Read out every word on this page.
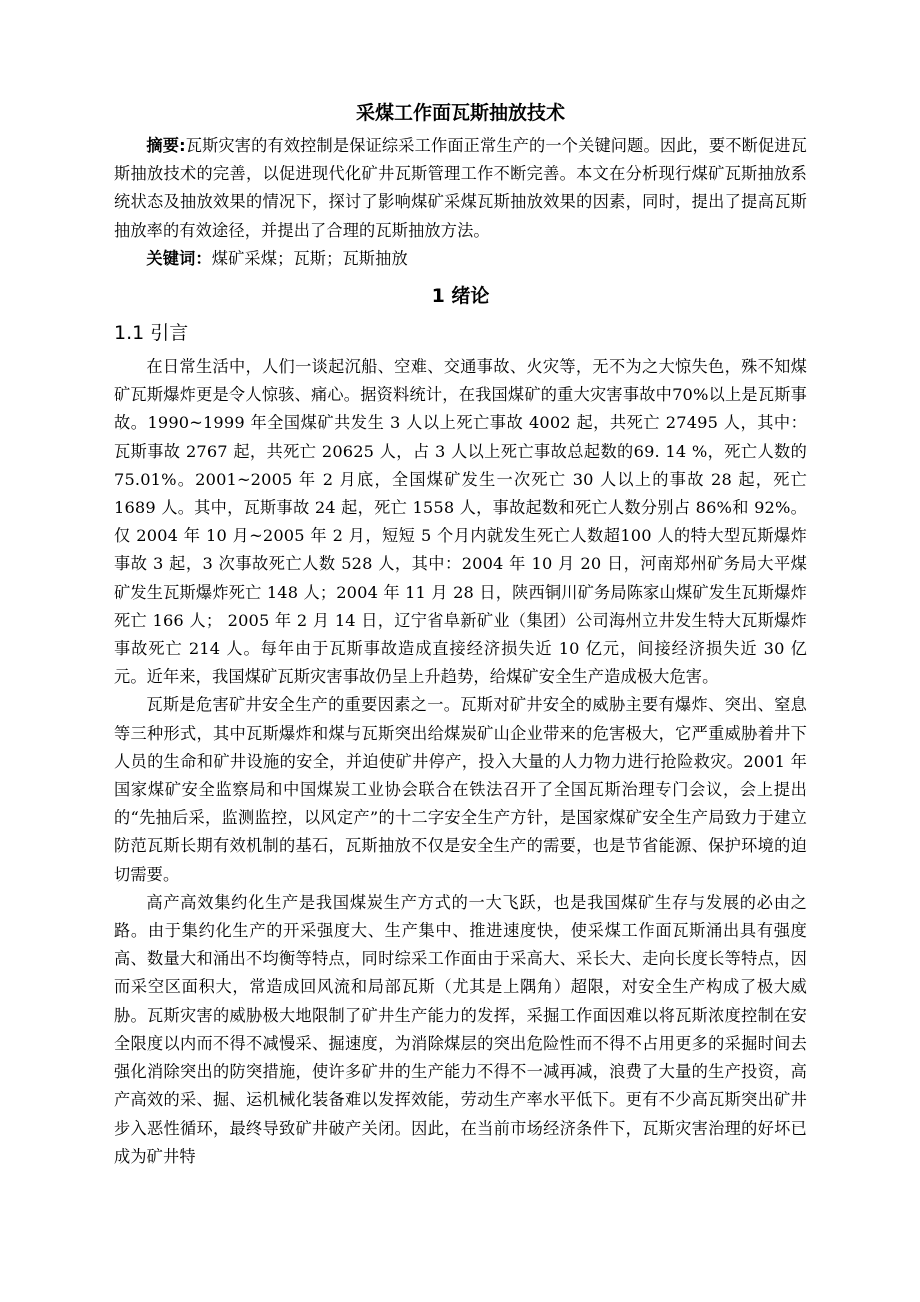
采煤工作面瓦斯抽放技术

摘要:瓦斯灾害的有效控制是保证综采工作面正常生产的一个关键问题。因此，要不断促进瓦斯抽放技术的完善，以促进现代化矿井瓦斯管理工作不断完善。本文在分析现行煤矿瓦斯抽放系统状态及抽放效果的情况下，探讨了影响煤矿采煤瓦斯抽放效果的因素，同时，提出了提高瓦斯抽放率的有效途径，并提出了合理的瓦斯抽放方法。

关键词：煤矿采煤；瓦斯；瓦斯抽放

1 绪论
1.1 引言

在日常生活中，人们一谈起沉船、空难、交通事故、火灾等，无不为之大惊失色，殊不知煤矿瓦斯爆炸更是令人惊骇、痛心。据资料统计，在我国煤矿的重大灾害事故中70%以上是瓦斯事故。1990~1999 年全国煤矿共发生 3 人以上死亡事故 4002 起，共死亡 27495 人，其中：瓦斯事故 2767 起，共死亡 20625 人，占 3 人以上死亡事故总起数的69. 14 %，死亡人数的 75.01%。2001~2005 年 2 月底，全国煤矿发生一次死亡 30 人以上的事故 28 起，死亡 1689 人。其中，瓦斯事故 24 起，死亡 1558 人，事故起数和死亡人数分别占 86%和 92%。仅 2004 年 10 月~2005 年 2 月，短短 5 个月内就发生死亡人数超100 人的特大型瓦斯爆炸事故 3 起，3 次事故死亡人数 528 人，其中：2004 年 10 月 20 日，河南郑州矿务局大平煤矿发生瓦斯爆炸死亡 148 人；2004 年 11 月 28 日，陕西铜川矿务局陈家山煤矿发生瓦斯爆炸死亡 166 人； 2005 年 2 月 14 日，辽宁省阜新矿业（集团）公司海州立井发生特大瓦斯爆炸事故死亡 214 人。每年由于瓦斯事故造成直接经济损失近 10 亿元，间接经济损失近 30 亿元。近年来，我国煤矿瓦斯灾害事故仍呈上升趋势，给煤矿安全生产造成极大危害。

瓦斯是危害矿井安全生产的重要因素之一。瓦斯对矿井安全的威胁主要有爆炸、突出、窒息等三种形式，其中瓦斯爆炸和煤与瓦斯突出给煤炭矿山企业带来的危害极大，它严重威胁着井下人员的生命和矿井设施的安全，并迫使矿井停产，投入大量的人力物力进行抢险救灾。2001 年国家煤矿安全监察局和中国煤炭工业协会联合在铁法召开了全国瓦斯治理专门会议，会上提出的“先抽后采，监测监控，以风定产”的十二字安全生产方针，是国家煤矿安全生产局致力于建立防范瓦斯长期有效机制的基石，瓦斯抽放不仅是安全生产的需要，也是节省能源、保护环境的迫切需要。

高产高效集约化生产是我国煤炭生产方式的一大飞跃，也是我国煤矿生存与发展的必由之路。由于集约化生产的开采强度大、生产集中、推进速度快，使采煤工作面瓦斯涌出具有强度高、数量大和涌出不均衡等特点，同时综采工作面由于采高大、采长大、走向长度长等特点，因而采空区面积大，常造成回风流和局部瓦斯（尤其是上隅角）超限，对安全生产构成了极大威胁。瓦斯灾害的威胁极大地限制了矿井生产能力的发挥，采掘工作面因难以将瓦斯浓度控制在安全限度以内而不得不减慢采、掘速度，为消除煤层的突出危险性而不得不占用更多的采掘时间去强化消除突出的防突措施，使许多矿井的生产能力不得不一减再减，浪费了大量的生产投资，高产高效的采、掘、运机械化装备难以发挥效能，劳动生产率水平低下。更有不少高瓦斯突出矿井步入恶性循环，最终导致矿井破产关闭。因此，在当前市场经济条件下，瓦斯灾害治理的好坏已成为矿井特
